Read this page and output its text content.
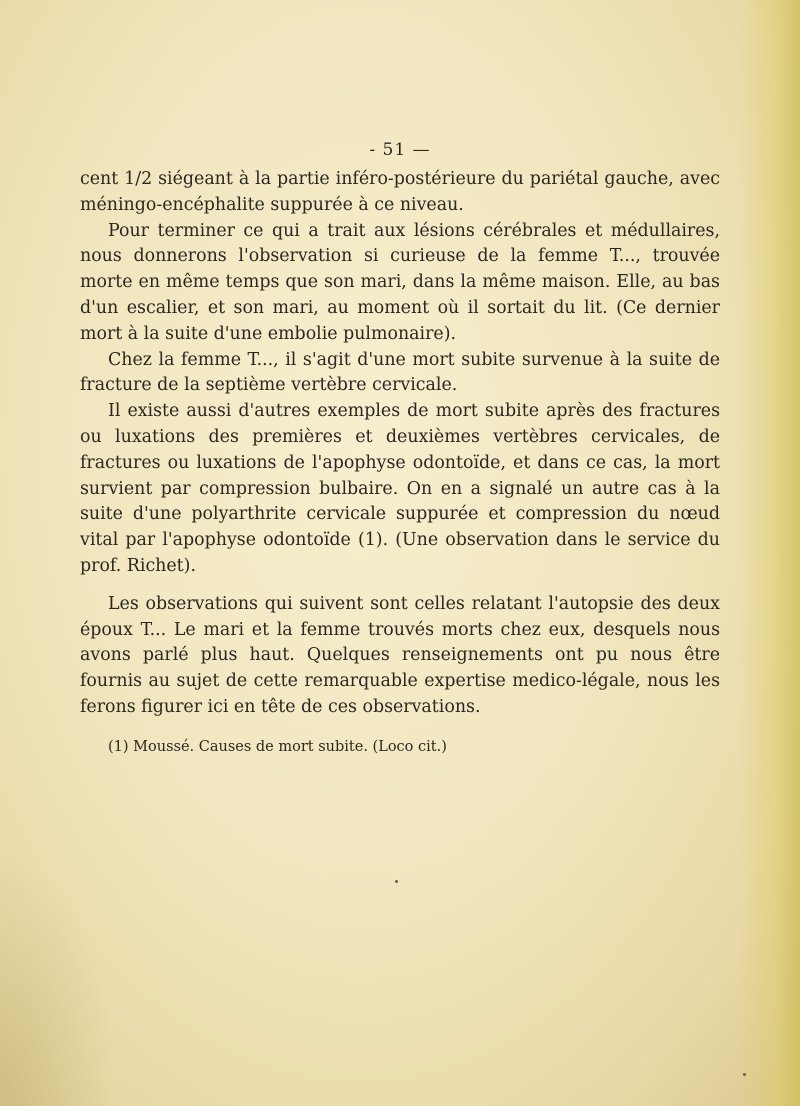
- 51 —

cent 1/2 siégeant à la partie inféro-postérieure du pariétal gauche, avec méningo-encéphalite suppurée à ce niveau.

Pour terminer ce qui a trait aux lésions cérébrales et médullaires, nous donnerons l'observation si curieuse de la femme T..., trouvée morte en même temps que son mari, dans la même maison. Elle, au bas d'un escalier, et son mari, au moment où il sortait du lit. (Ce dernier mort à la suite d'une embolie pulmonaire).

Chez la femme T..., il s'agit d'une mort subite survenue à la suite de fracture de la septième vertèbre cervicale.

Il existe aussi d'autres exemples de mort subite après des fractures ou luxations des premières et deuxièmes vertèbres cervicales, de fractures ou luxations de l'apophyse odontoïde, et dans ce cas, la mort survient par compression bulbaire. On en a signalé un autre cas à la suite d'une polyarthrite cervicale suppurée et compression du nœud vital par l'apophyse odontoïde (1). (Une observation dans le service du prof. Richet).

Les observations qui suivent sont celles relatant l'autopsie des deux époux T... Le mari et la femme trouvés morts chez eux, desquels nous avons parlé plus haut. Quelques renseignements ont pu nous être fournis au sujet de cette remarquable expertise medico-légale, nous les ferons figurer ici en tête de ces observations.

(1) Moussé. Causes de mort subite. (Loco cit.)
